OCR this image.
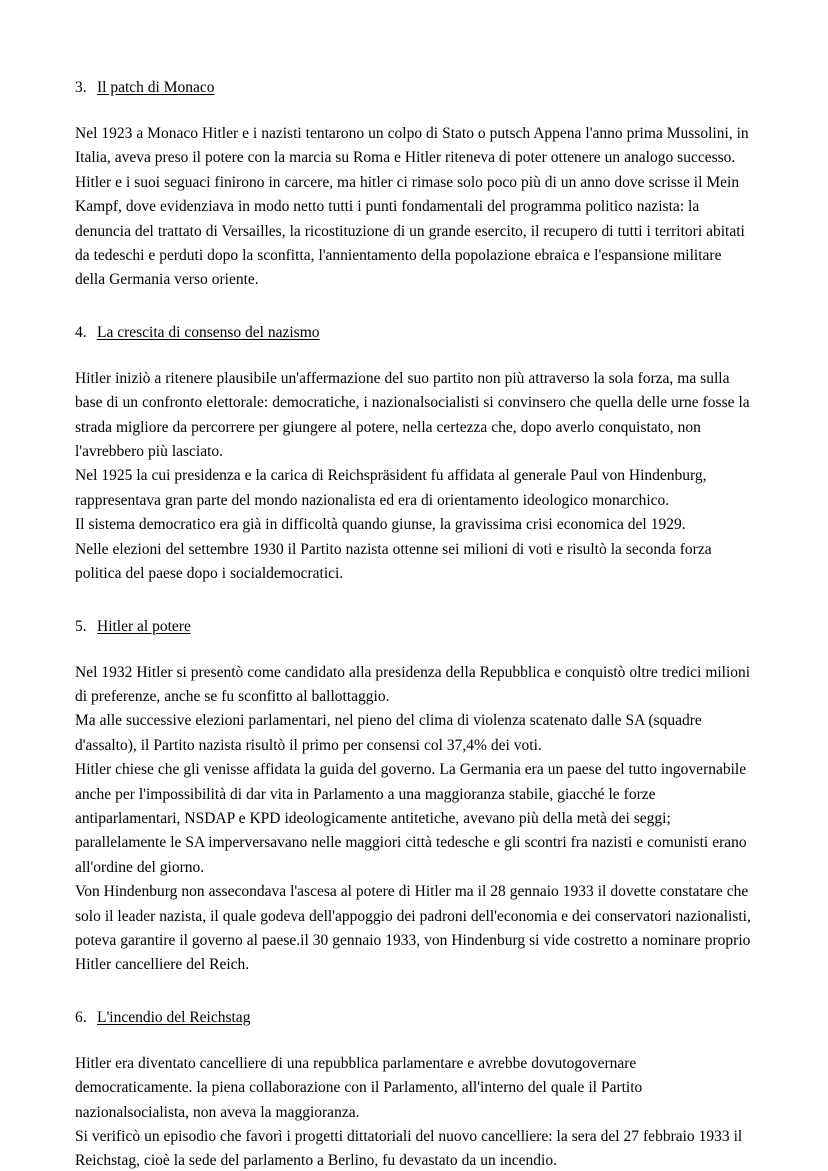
3. Il patch di Monaco

Nel 1923 a Monaco Hitler e i nazisti tentarono un colpo di Stato o putsch Appena l'anno prima Mussolini, in Italia, aveva preso il potere con la marcia su Roma e Hitler riteneva di poter ottenere un analogo successo.

Hitler e i suoi seguaci finirono in carcere, ma hitler ci rimase solo poco più di un anno dove scrisse il Mein Kampf, dove evidenziava in modo netto tutti i punti fondamentali del programma politico nazista: la denuncia del trattato di Versailles, la ricostituzione di un grande esercito, il recupero di tutti i territori abitati da tedeschi e perduti dopo la sconfitta, l'annientamento della popolazione ebraica e l'espansione militare della Germania verso oriente.

4. La crescita di consenso del nazismo

Hitler iniziò a ritenere plausibile un'affermazione del suo partito non più attraverso la sola forza, ma sulla base di un confronto elettorale: democratiche, i nazionalsocialisti si convinsero che quella delle urne fosse la strada migliore da percorrere per giungere al potere, nella certezza che, dopo averlo conquistato, non l'avrebbero più lasciato.

Nel 1925 la cui presidenza e la carica di Reichspräsident fu affidata al generale Paul von Hindenburg, rappresentava gran parte del mondo nazionalista ed era di orientamento ideologico monarchico.

Il sistema democratico era già in difficoltà quando giunse, la gravissima crisi economica del 1929.

Nelle elezioni del settembre 1930 il Partito nazista ottenne sei milioni di voti e risultò la seconda forza politica del paese dopo i socialdemocratici.

5. Hitler al potere

Nel 1932 Hitler si presentò come candidato alla presidenza della Repubblica e conquistò oltre tredici milioni di preferenze, anche se fu sconfitto al ballottaggio.

Ma alle successive elezioni parlamentari, nel pieno del clima di violenza scatenato dalle SA (squadre d'assalto), il Partito nazista risultò il primo per consensi col 37,4% dei voti.

Hitler chiese che gli venisse affidata la guida del governo. La Germania era un paese del tutto ingovernabile anche per l'impossibilità di dar vita in Parlamento a una maggioranza stabile, giacché le forze antiparlamentari, NSDAP e KPD ideologicamente antitetiche, avevano più della metà dei seggi; parallelamente le SA imperversavano nelle maggiori città tedesche e gli scontri fra nazisti e comunisti erano all'ordine del giorno.

Von Hindenburg non assecondava l'ascesa al potere di Hitler ma il 28 gennaio 1933 il dovette constatare che solo il leader nazista, il quale godeva dell'appoggio dei padroni dell'economia e dei conservatori nazionalisti, poteva garantire il governo al paese.il 30 gennaio 1933, von Hindenburg si vide costretto a nominare proprio Hitler cancelliere del Reich.

6. L'incendio del Reichstag

Hitler era diventato cancelliere di una repubblica parlamentare e avrebbe dovutogovernare democraticamente. la piena collaborazione con il Parlamento, all'interno del quale il Partito nazionalsocialista, non aveva la maggioranza.

Si verificò un episodio che favorì i progetti dittatoriali del nuovo cancelliere: la sera del 27 febbraio 1933 il Reichstag, cioè la sede del parlamento a Berlino, fu devastato da un incendio.
